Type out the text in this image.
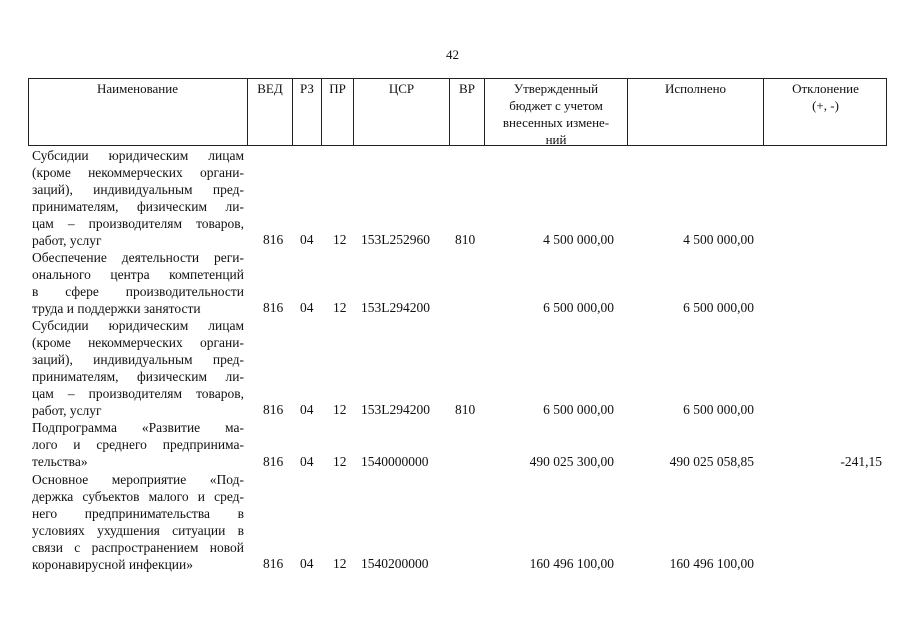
42
Наименование	ВЕД	РЗ	ПР	ЦСР	ВР	Утвержденный
бюджет с учетом
внесенных измене-
ний
Исполнено	Отклонение
(+, -)
Субсидии юридическим лицам
(кроме некоммерческих органи-
заций), индивидуальным пред-
принимателям, физическим ли-
цам – производителям товаров,
работ, услуг	816 04 12 153L252960 810	4 500 000,00	4 500 000,00
Обеспечение деятельности реги-
онального центра компетенций
в сфере производительности
труда и поддержки занятости	816 04 12 153L294200	6 500 000,00	6 500 000,00
Субсидии юридическим лицам
(кроме некоммерческих органи-
заций), индивидуальным пред-
принимателям, физическим ли-
цам – производителям товаров,
работ, услуг	816 04 12 153L294200 810	6 500 000,00	6 500 000,00
Подпрограмма «Развитие ма-
лого и среднего предпринима-
тельства»	816 04 12 1540000000	490 025 300,00	490 025 058,85	-241,15
Основное мероприятие «Под-
держка субъектов малого и сред-
него предпринимательства в
условиях ухудшения ситуации в
связи с распространением новой
коронавирусной инфекции»	816 04 12 1540200000	160 496 100,00	160 496 100,00
